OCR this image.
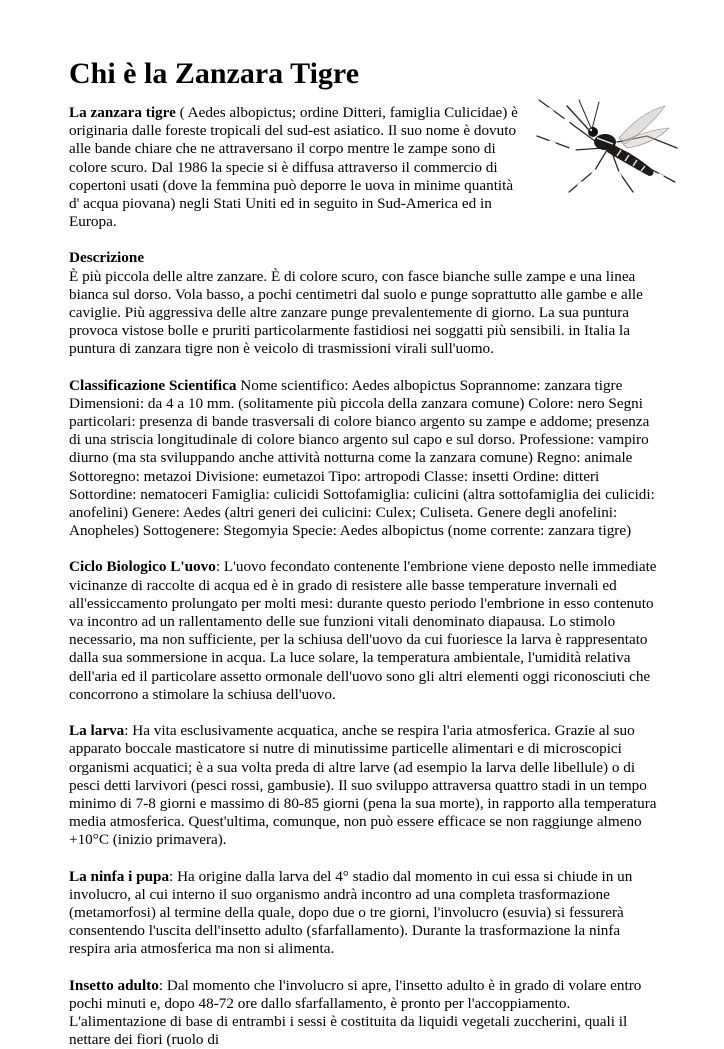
Chi è la Zanzara Tigre

La zanzara tigre ( Aedes albopictus; ordine Ditteri, famiglia Culicidae) è originaria dalle foreste tropicali del sud-est asiatico. Il suo nome è dovuto alle bande chiare che ne attraversano il corpo mentre le zampe sono di colore scuro. Dal 1986 la specie si è diffusa attraverso il commercio di copertoni usati (dove la femmina può deporre le uova in minime quantità d' acqua piovana) negli Stati Uniti ed in seguito in Sud-America ed in Europa.

Descrizione
È più piccola delle altre zanzare. È di colore scuro, con fasce bianche sulle zampe e una linea bianca sul dorso. Vola basso, a pochi centimetri dal suolo e punge soprattutto alle gambe e alle caviglie. Più aggressiva delle altre zanzare punge prevalentemente di giorno. La sua puntura provoca vistose bolle e pruriti particolarmente fastidiosi nei soggatti più sensibili. in Italia la puntura di zanzara tigre non è veicolo di trasmissioni virali sull'uomo.

Classificazione Scientifica Nome scientifico: Aedes albopictus Soprannome: zanzara tigre Dimensioni: da 4 a 10 mm. (solitamente più piccola della zanzara comune) Colore: nero Segni particolari: presenza di bande trasversali di colore bianco argento su zampe e addome; presenza di una striscia longitudinale di colore bianco argento sul capo e sul dorso. Professione: vampiro diurno (ma sta sviluppando anche attività notturna come la zanzara comune) Regno: animale Sottoregno: metazoi Divisione: eumetazoi Tipo: artropodi Classe: insetti Ordine: ditteri Sottordine: nematoceri Famiglia: culicidi Sottofamiglia: culicini (altra sottofamiglia dei culicidi: anofelini) Genere: Aedes (altri generi dei culicini: Culex; Culiseta. Genere degli anofelini: Anopheles) Sottogenere: Stegomyia Specie: Aedes albopictus (nome corrente: zanzara tigre)

Ciclo Biologico L'uovo: L'uovo fecondato contenente l'embrione viene deposto nelle immediate vicinanze di raccolte di acqua ed è in grado di resistere alle basse temperature invernali ed all'essiccamento prolungato per molti mesi: durante questo periodo l'embrione in esso contenuto va incontro ad un rallentamento delle sue funzioni vitali denominato diapausa. Lo stimolo necessario, ma non sufficiente, per la schiusa dell'uovo da cui fuoriesce la larva è rappresentato dalla sua sommersione in acqua. La luce solare, la temperatura ambientale, l'umidità relativa dell'aria ed il particolare assetto ormonale dell'uovo sono gli altri elementi oggi riconosciuti che concorrono a stimolare la schiusa dell'uovo.

La larva: Ha vita esclusivamente acquatica, anche se respira l'aria atmosferica. Grazie al suo apparato boccale masticatore si nutre di minutissime particelle alimentari e di microscopici organismi acquatici; è a sua volta preda di altre larve (ad esempio la larva delle libellule) o di pesci detti larvivori (pesci rossi, gambusie). Il suo sviluppo attraversa quattro stadi in un tempo minimo di 7-8 giorni e massimo di 80-85 giorni (pena la sua morte), in rapporto alla temperatura media atmosferica. Quest'ultima, comunque, non può essere efficace se non raggiunge almeno +10°C (inizio primavera).

La ninfa i pupa: Ha origine dalla larva del 4° stadio dal momento in cui essa si chiude in un involucro, al cui interno il suo organismo andrà incontro ad una completa trasformazione (metamorfosi) al termine della quale, dopo due o tre giorni, l'involucro (esuvia) si fessurerà consentendo l'uscita dell'insetto adulto (sfarfallamento). Durante la trasformazione la ninfa respira aria atmosferica ma non si alimenta.

Insetto adulto: Dal momento che l'involucro si apre, l'insetto adulto è in grado di volare entro pochi minuti e, dopo 48-72 ore dallo sfarfallamento, è pronto per l'accoppiamento. L'alimentazione di base di entrambi i sessi è costituita da liquidi vegetali zuccherini, quali il nettare dei fiori (ruolo di
